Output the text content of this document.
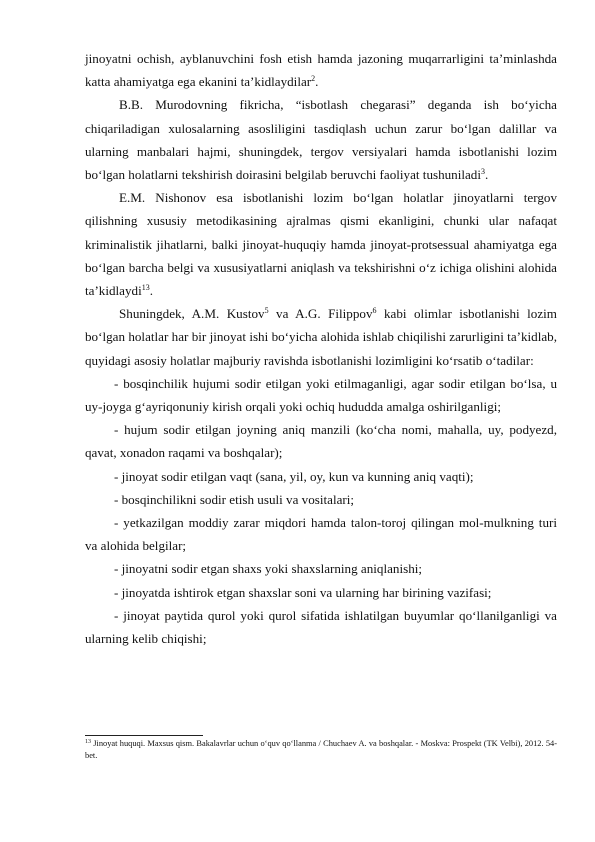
jinoyatni ochish, ayblanuvchini fosh etish hamda jazoning muqarrarligini ta’minlashda katta ahamiyatga ega ekanini ta’kidlaydilar$^2$.

B.B. Murodovning fikricha, “isbotlash chegarasi” deganda ish bo‘yicha chiqariladigan xulosalarning asosliligini tasdiqlash uchun zarur bo‘lgan dalillar va ularning manbalari hajmi, shuningdek, tergov versiyalari hamda isbotlanishi lozim bo‘lgan holatlarni tekshirish doirasini belgilab beruvchi faoliyat tushuniladi$^3$.

E.M. Nishonov esa isbotlanishi lozim bo‘lgan holatlar jinoyatlarni tergov qilishning xususiy metodikasining ajralmas qismi ekanligini, chunki ular nafaqat kriminalistik jihatlarni, balki jinoyat-huquqiy hamda jinoyat-protsessual ahamiyatga ega bo‘lgan barcha belgi va xususiyatlarni aniqlash va tekshirishni o‘z ichiga olishini alohida ta’kidlaydi$^{13}$.

Shuningdek, A.M. Kustov$^5$ va A.G. Filippov$^6$ kabi olimlar isbotlanishi lozim bo‘lgan holatlar har bir jinoyat ishi bo‘yicha alohida ishlab chiqilishi zarurligini ta’kidlab, quyidagi asosiy holatlar majburiy ravishda isbotlanishi lozimligini ko‘rsatib o‘tadilar:

- bosqinchilik hujumi sodir etilgan yoki etilmaganligi, agar sodir etilgan bo‘lsa, u uy-joyga g‘ayriqonuniy kirish orqali yoki ochiq hududda amalga oshirilganligi;

- hujum sodir etilgan joyning aniq manzili (ko‘cha nomi, mahalla, uy, podyezd, qavat, xonadon raqami va boshqalar);

- jinoyat sodir etilgan vaqt (sana, yil, oy, kun va kunning aniq vaqti);

- bosqinchilikni sodir etish usuli va vositalari;

- yetkazilgan moddiy zarar miqdori hamda talon-toroj qilingan mol-mulkning turi va alohida belgilar;

- jinoyatni sodir etgan shaxs yoki shaxslarning aniqlanishi;

- jinoyatda ishtirok etgan shaxslar soni va ularning har birining vazifasi;

- jinoyat paytida qurol yoki qurol sifatida ishlatilgan buyumlar qo‘llanilganligi va ularning kelib chiqishi;

$^{13}$ Jinoyat huquqi. Maxsus qism. Bakalavrlar uchun o‘quv qo‘llanma / Chuchaev A. va boshqalar. - Moskva: Prospekt (TK Velbi), 2012. 54-bet.
